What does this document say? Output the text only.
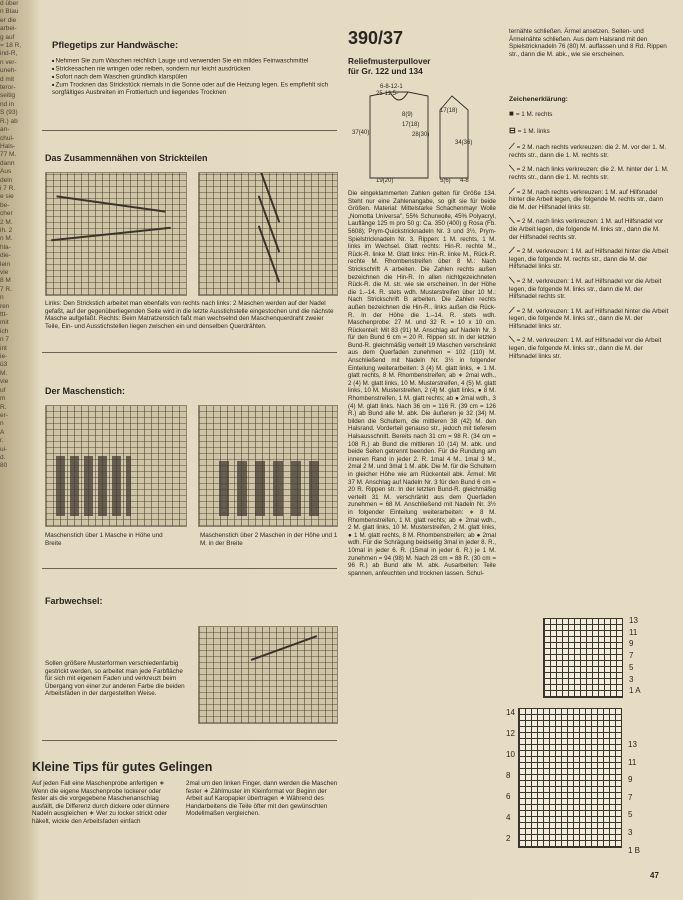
d über
n Blau
er die
arbei-
g auf
= 18 R,
ind-R,
n ver-
uneh-
d mit
teror-
seitig
nd in
S (93)
R.) ab
an-
chul-
Hals-
77 M.
dann
Aus
deln
i 7 R.
e sie
be-
cher
2 M.
ih. 2
n M.
hla-
die-
lein
vie
8 M
7 R.
n
ren
ttt-
mit
ich
n 7
int
ie-
ü3
M.
vie
uf
m
R.
er-
n
A
r.
ui-
d.
80
Pflegetips zur Handwäsche:
■ Nehmen Sie zum Waschen reichlich Lauge und verwenden Sie ein mildes Feinwaschmittel
■ Strickesachen nie wringen oder reiben, sondern nur leicht ausdrücken
■ Sofort nach dem Waschen gründlich klarspülen
■ Zum Trocknen das Strickstück niemals in die Sonne oder auf die Heizung legen. Es empfiehlt sich sorgfältiges Ausbreiten im Frottiertuch und liegendes Trocknen
Das Zusammennähen von Strickteilen
Links: Den Strickstich arbeitet man ebenfalls von rechts nach links: 2 Maschen werden auf der Nadel gefaßt, auf der gegenüberliegenden Seite wird in die letzte Ausstichstelle eingestochen und die nächste Masche aufgefaßt. Rechts: Beim Matratzenstich faßt man wechselnd den Maschenquerdraht zweier Teile, Ein- und Ausstichstellen liegen zwischen ein und denselben Querdrähten.
Der Maschenstich:
Maschenstich über 1 Masche in Höhe und Breite
Maschenstich über 2 Maschen in der Höhe und 1 M. in der Breite
Farbwechsel:
Sollen größere Musterformen verschiedenfarbig gestrickt werden, so arbeitet man jede Farbfläche für sich mit eigenem Faden und verkreuzt beim Übergang von einer zur anderen Farbe die beiden Arbeitsfäden in der dargestellten Weise.
Kleine Tips für gutes Gelingen
Auf jeden Fall eine Maschenprobe anfertigen ∗ Wenn die eigene Maschenprobe lockerer oder fester als die vorgegebene Maschenanschlag ausfällt, die Differenz durch dickere oder dünnere Nadeln ausgleichen ∗ Wer zu locker strickt oder häkelt, wickle den Arbeitsfaden einfach
2mal um den linken Finger, dann werden die Maschen fester ∗ Zählmuster im Kleinformat vor Beginn der Arbeit auf Karopapier übertragen ∗ Während des Handarbeitens die Teile öfter mit den gewünschten Modellmaßen vergleichen.
390/37
Reliefmusterpullover
für Gr. 122 und 134
6-8-12-1
25-11,5-
17(18)
37(40)
8(9)
17(18)
28(30)
34(36)
19(20)	5(6) 4-8
Die eingeklammerten Zahlen gelten für Größe 134. Steht nur eine Zahlenangabe, so gilt sie für beide Größen. Material: Mittelstarke Schachenmayr Wolle „Nomotta Universa", 55% Schurwolle, 45% Polyacryl, Lauflänge 125 m pro 50 g: Ca. 350 (400) g Rosa (Fb. 5608); Prym-Quickstricknadeln Nr. 3 und 3½, Prym-Spielstricknadeln Nr. 3. Rippen: 1 M. rechts, 1 M. links im Wechsel. Glatt rechts: Hin-R. rechte M., Rück-R. linke M. Glatt links: Hin-R. linke M., Rück-R. rechte M. Rhombenstreifen über 8 M.: Nach Strickschrift A arbeiten. Die Zahlen rechts außen bezeichnen die Hin-R. In allen nichtgezeichneten Rück-R. die M. str. wie sie erscheinen. In der Höhe die 1.–14. R. stets wdh. Musterstreifen über 10 M.: Nach Strickschrift B arbeiten. Die Zahlen rechts außen bezeichnen die Hin-R., links außen die Rück-R. In der Höhe die 1.–14. R. stets wdh. Maschenprobe: 27 M. und 32 R. = 10 x 10 cm. Rückenteil: Mit 83 (91) M. Anschlag auf Nadeln Nr. 3 für den Bund 6 cm = 20 R. Rippen str. In der letzten Bund-R. gleichmäßig verteilt 19 Maschen verschränkt aus dem Querfaden zunehmen = 102 (110) M. Anschließend mit Nadeln Nr. 3½ in folgender Einteilung weiterarbeiten: 3 (4) M. glatt links, ∗ 1 M. glatt rechts, 8 M. Rhombenstreifen; ab ∗ 2mal wdh., 2 (4) M. glatt links, 10 M. Musterstreifen, 4 (5) M. glatt links, 10 M. Musterstreifen, 2 (4) M. glatt links, ● 8 M. Rhombenstreifen, 1 M. glatt rechts; ab ● 2mal wdh., 3 (4) M. glatt links. Nach 36 cm = 116 R. (39 cm = 126 R.) ab Bund alle M. abk. Die äußeren je 32 (34) M. bilden die Schultern, die mittleren 38 (42) M. den Halsrand. Vorderteil genauso str., jedoch mit tieferem Halsausschnitt. Bereits nach 31 cm = 98 R. (34 cm = 108 R.) ab Bund die mittleren 10 (14) M. abk. und beide Seiten getrennt beenden. Für die Rundung am inneren Rand in jeder 2. R. 1mal 4 M., 1mal 3 M., 2mal 2 M. und 3mal 1 M. abk. Die M. für die Schultern in gleicher Höhe wie am Rückenteil abk. Ärmel: Mit 37 M. Anschlag auf Nadeln Nr. 3 für den Bund 6 cm = 20 R. Rippen str. In der letzten Bund-R. gleichmäßig verteilt 31 M. verschränkt aus dem Querfaden zunehmen = 68 M. Anschließend mit Nadeln Nr. 3½ in folgender Einteilung weiterarbeiten: ∗ 8 M. Rhombenstreifen, 1 M. glatt rechts; ab ∗ 2mal wdh., 2 M. glatt links, 10 M. Musterstreifen, 2 M. glatt links, ● 1 M. glatt rechts, 8 M. Rhombenstreifen; ab ● 2mal wdh. Für die Schrägung beidseitig 3mal in jeder 8. R., 10mal in jeder 6. R. (15mal in jeder 6. R.) je 1 M. zunehmen = 94 (98) M. Nach 28 cm = 88 R. (30 cm = 96 R.) ab Bund alle M. abk. Ausarbeiten: Teile spannen, anfeuchten und trocknen lassen. Schul-
ternähte schließen. Ärmel ansetzen. Seiten- und Ärmelnähte schließen. Aus dem Halsrand mit den Spielstricknadeln 76 (80) M. auffassen und 8 Rd. Rippen str., dann die M. abk., wie sie erscheinen.
Zeichenerklärung:
■ = 1 M. rechts
⊟ = 1 M. links
⟋ = 2 M. nach rechts verkreuzen: die 2. M. vor der 1. M. rechts str., dann die 1. M. rechts str.
⟍ = 2 M. nach links verkreuzen: die 2. M. hinter der 1. M. rechts str., dann die 1. M. rechts str.
⟋ = 2 M. nach rechts verkreuzen: 1 M. auf Hilfsnadel hinter die Arbeit legen, die folgende M. rechts str., dann die M. der Hilfsnadel links str.
⟍ = 2 M. nach links verkreuzen: 1 M. auf Hilfsnadel vor die Arbeit legen, die folgende M. links str., dann die M. der Hilfsnadel rechts str.
⟋ = 2 M. verkreuzen: 1 M. auf Hilfsnadel hinter die Arbeit legen, die folgende M. rechts str., dann die M. der Hilfsnadel links str.
⟍ = 2 M. verkreuzen: 1 M. auf Hilfsnadel vor die Arbeit legen, die folgende M. links str., dann die M. der Hilfsnadel rechts str.
⟋ = 2 M. verkreuzen: 1 M. auf Hilfsnadel hinter die Arbeit legen, die folgende M. links str., dann die M. der Hilfsnadel links str.
⟍ = 2 M. verkreuzen: 1 M. auf Hilfsnadel vor die Arbeit legen, die folgende M. links str., dann die M. der Hilfsnadel links str.
13
11
9
7
5
3
1 A
13
11
9
7
5
3
1 B
14
12
10
8
6
4
2
47
